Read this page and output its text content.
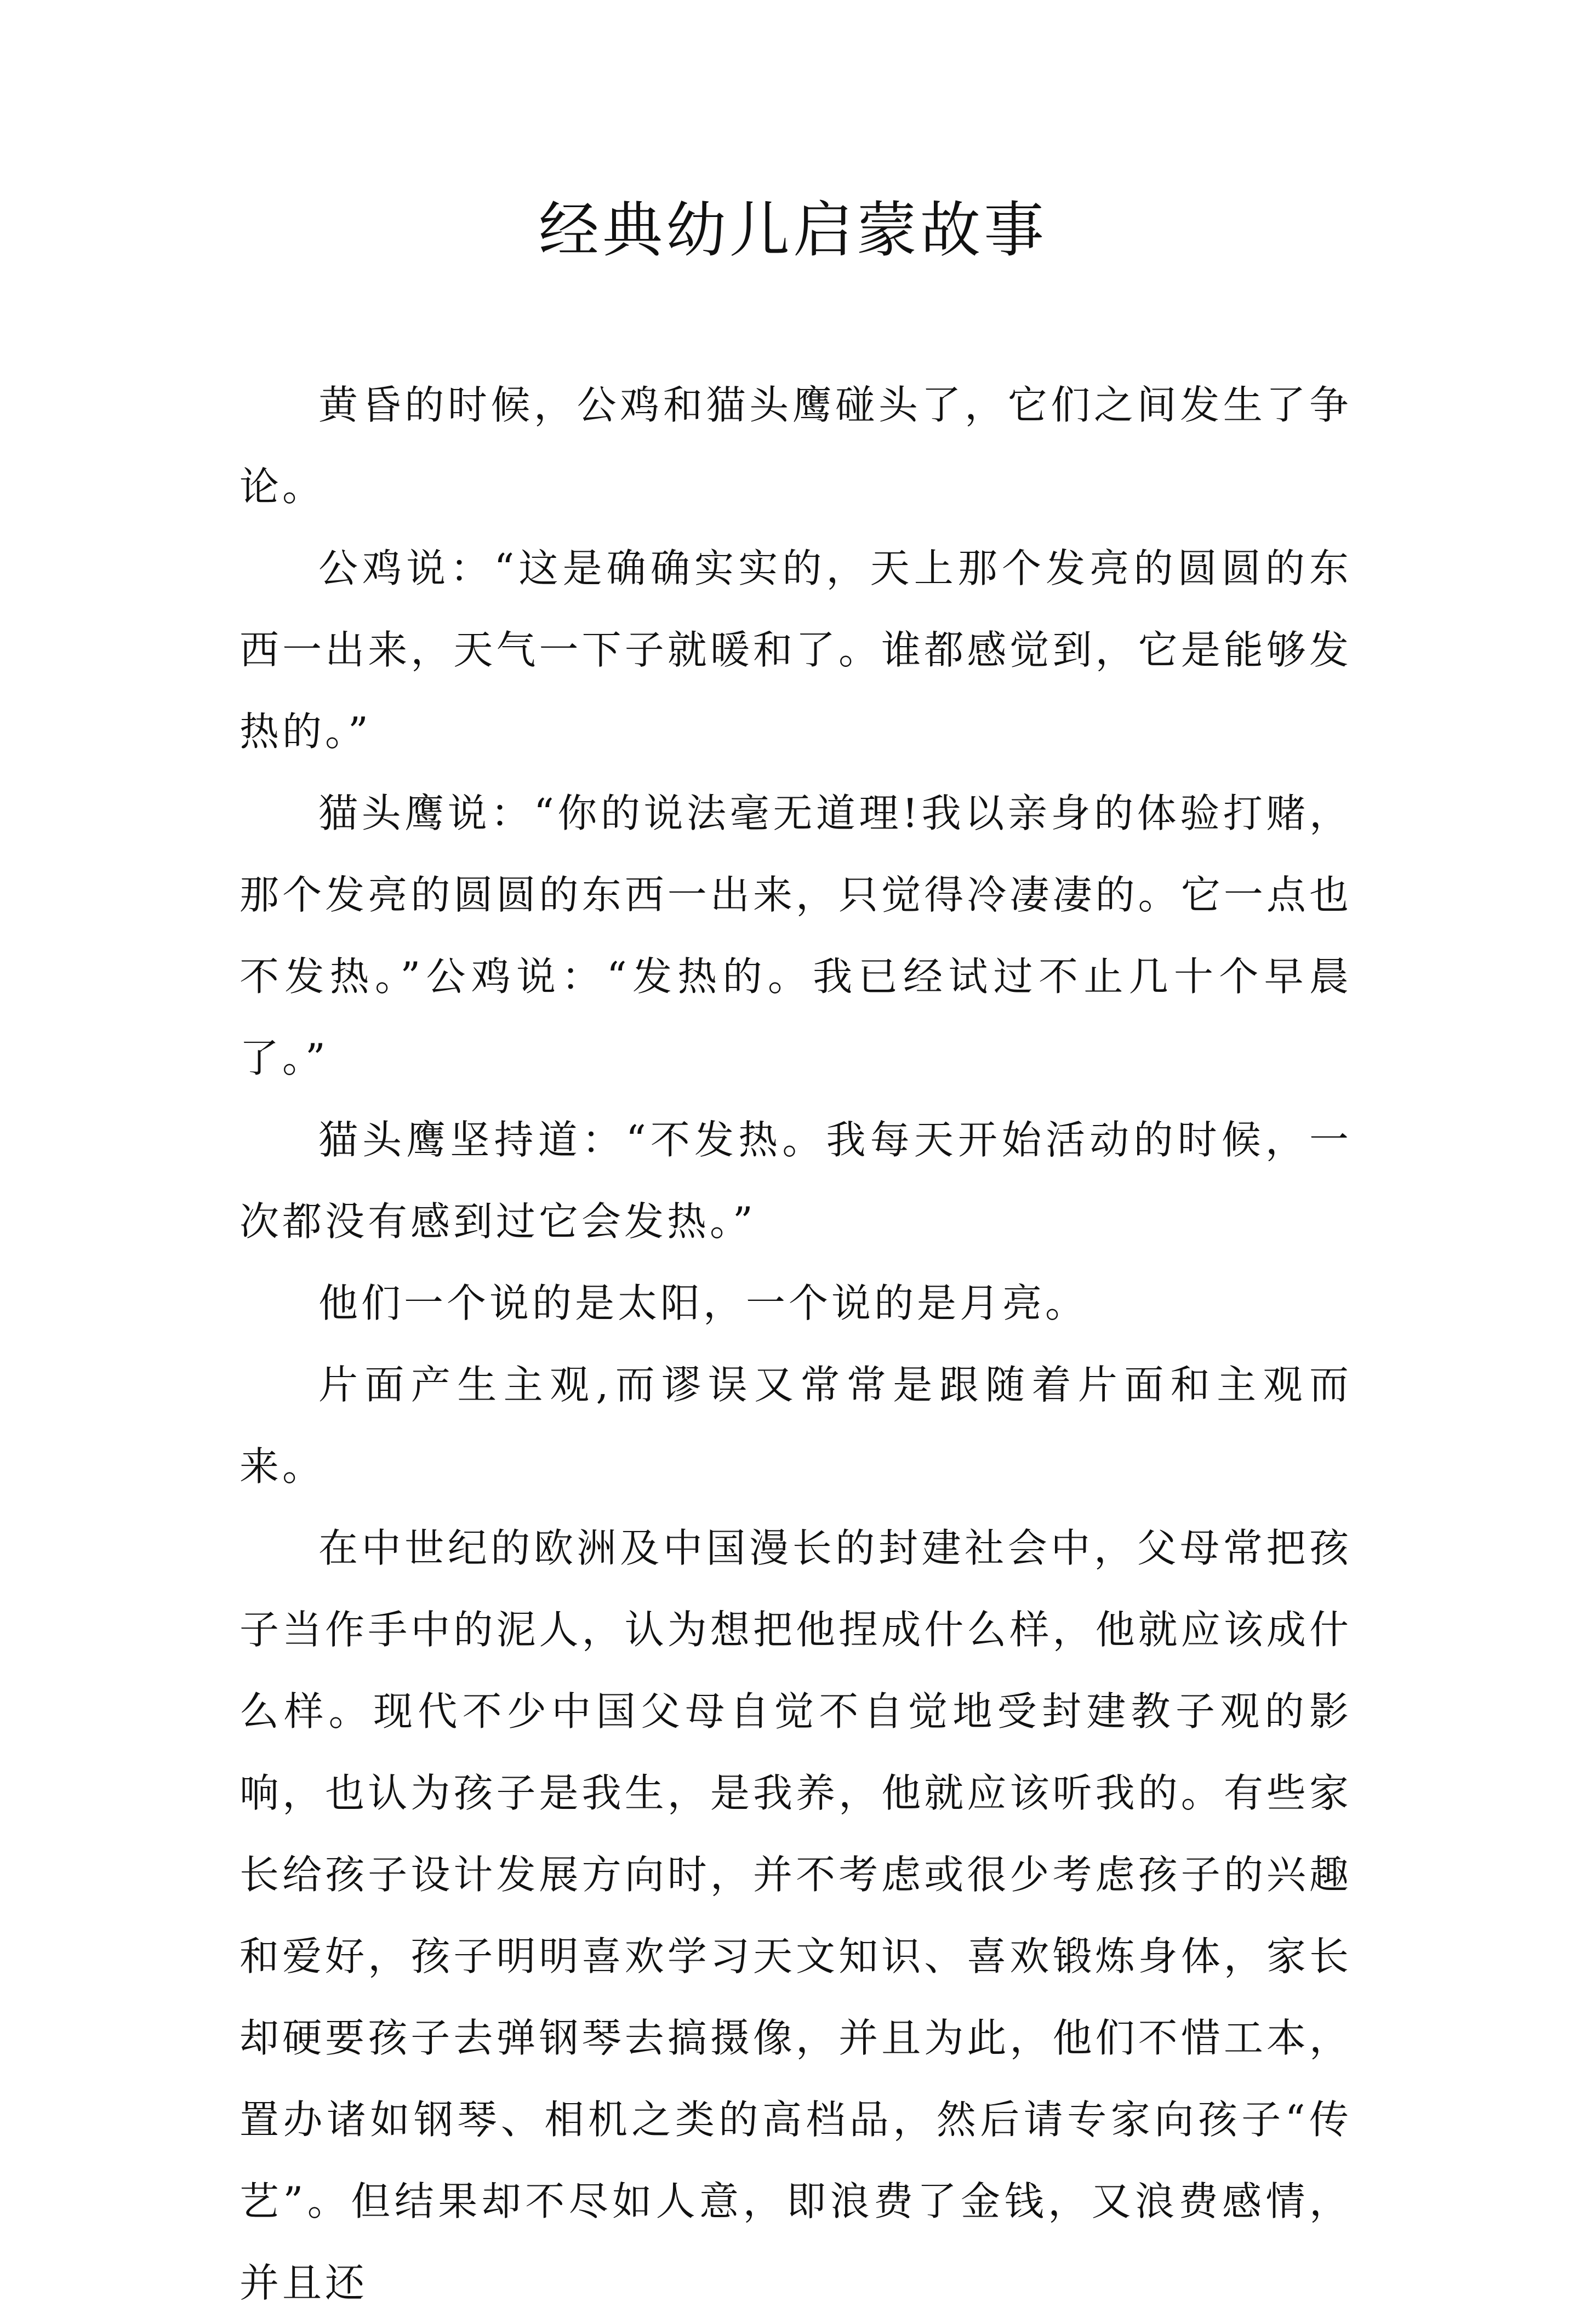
经典幼儿启蒙故事

黄昏的时候，公鸡和猫头鹰碰头了，它们之间发生了争论。

公鸡说：“这是确确实实的，天上那个发亮的圆圆的东西一出来，天气一下子就暖和了。谁都感觉到，它是能够发热的。”

猫头鹰说：“你的说法毫无道理!我以亲身的体验打赌，那个发亮的圆圆的东西一出来，只觉得冷凄凄的。它一点也不发热。”公鸡说：“发热的。我已经试过不止几十个早晨了。”

猫头鹰坚持道：“不发热。我每天开始活动的时候，一次都没有感到过它会发热。”

他们一个说的是太阳，一个说的是月亮。

片面产生主观,而谬误又常常是跟随着片面和主观而来。

在中世纪的欧洲及中国漫长的封建社会中，父母常把孩子当作手中的泥人，认为想把他捏成什么样，他就应该成什么样。现代不少中国父母自觉不自觉地受封建教子观的影响，也认为孩子是我生，是我养，他就应该听我的。有些家长给孩子设计发展方向时，并不考虑或很少考虑孩子的兴趣和爱好，孩子明明喜欢学习天文知识、喜欢锻炼身体，家长却硬要孩子去弹钢琴去搞摄像，并且为此，他们不惜工本，置办诸如钢琴、相机之类的高档品，然后请专家向孩子“传艺”。但结果却不尽如人意，即浪费了金钱，又浪费感情，并且还
